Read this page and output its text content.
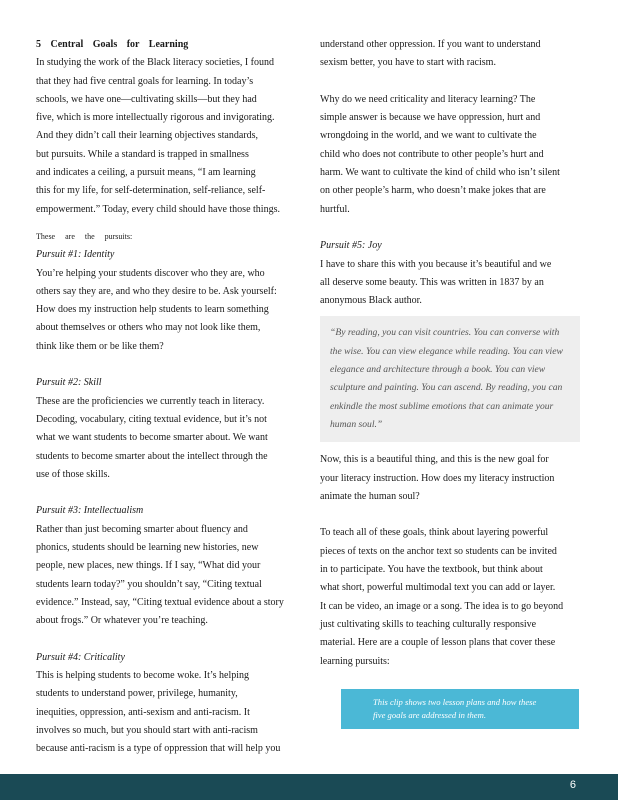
5 Central Goals for Learning

In studying the work of the Black literacy societies, I found
that they had five central goals for learning. In today’s
schools, we have one—cultivating skills—but they had
five, which is more intellectually rigorous and invigorating.
And they didn’t call their learning objectives standards,
but pursuits. While a standard is trapped in smallness
and indicates a ceiling, a pursuit means, “I am learning
this for my life, for self-determination, self-reliance, self-
empowerment.” Today, every child should have those things.
These are the pursuits:
Pursuit #1: Identity
You’re helping your students discover who they are, who
others say they are, and who they desire to be. Ask yourself:
How does my instruction help students to learn something
about themselves or others who may not look like them,
think like them or be like them?
Pursuit #2: Skill
These are the proficiencies we currently teach in literacy.
Decoding, vocabulary, citing textual evidence, but it’s not
what we want students to become smarter about. We want
students to become smarter about the intellect through the
use of those skills.
Pursuit #3: Intellectualism
Rather than just becoming smarter about fluency and
phonics, students should be learning new histories, new
people, new places, new things. If I say, “What did your
students learn today?” you shouldn’t say, “Citing textual
evidence.” Instead, say, “Citing textual evidence about a story
about frogs.” Or whatever you’re teaching.
Pursuit #4: Criticality
This is helping students to become woke. It’s helping
students to understand power, privilege, humanity,
inequities, oppression, anti-sexism and anti-racism. It
involves so much, but you should start with anti-racism
because anti-racism is a type of oppression that will help you
understand other oppression. If you want to understand
sexism better, you have to start with racism.
Why do we need criticality and literacy learning? The
simple answer is because we have oppression, hurt and
wrongdoing in the world, and we want to cultivate the
child who does not contribute to other people’s hurt and
harm. We want to cultivate the kind of child who isn’t silent
on other people’s harm, who doesn’t make jokes that are
hurtful.
Pursuit #5: Joy
I have to share this with you because it’s beautiful and we
all deserve some beauty. This was written in 1837 by an
anonymous Black author.
“By reading, you can visit countries. You can converse with
the wise. You can view elegance while reading. You can view
elegance and architecture through a book. You can view
sculpture and painting. You can ascend. By reading, you can
enkindle the most sublime emotions that can animate your
human soul.”
Now, this is a beautiful thing, and this is the new goal for
your literacy instruction. How does my literacy instruction
animate the human soul?
To teach all of these goals, think about layering powerful
pieces of texts on the anchor text so students can be invited
in to participate. You have the textbook, but think about
what short, powerful multimodal text you can add or layer.
It can be video, an image or a song. The idea is to go beyond
just cultivating skills to teaching culturally responsive
material. Here are a couple of lesson plans that cover these
learning pursuits:
This clip shows two lesson plans and how these
five goals are addressed in them.
6
